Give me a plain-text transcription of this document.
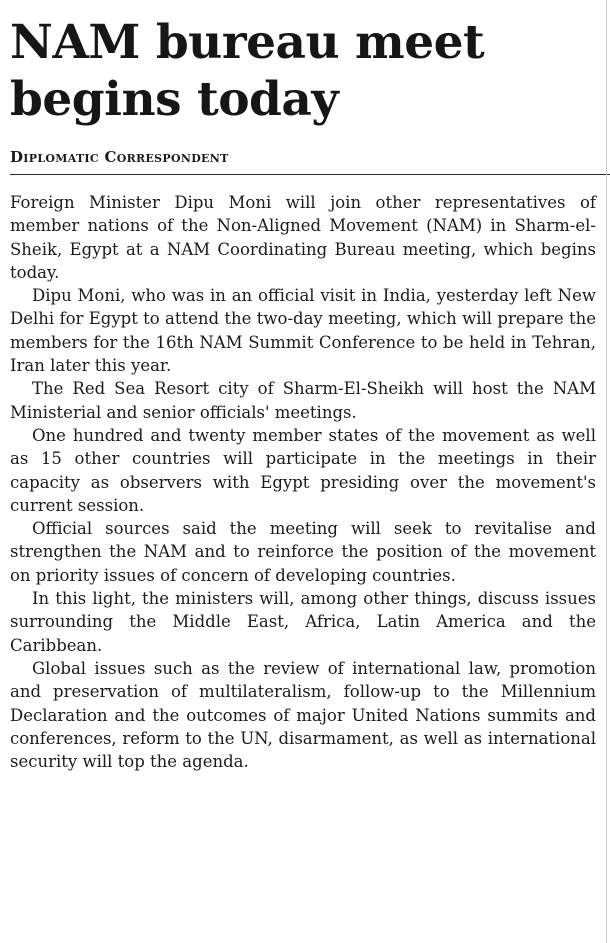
NAM bureau meet begins today
Diplomatic Correspondent

Foreign Minister Dipu Moni will join other representatives of member nations of the Non-Aligned Movement (NAM) in Sharm-el-Sheik, Egypt at a NAM Coordinating Bureau meeting, which begins today.

Dipu Moni, who was in an official visit in India, yesterday left New Delhi for Egypt to attend the two-day meeting, which will prepare the members for the 16th NAM Summit Conference to be held in Tehran, Iran later this year.

The Red Sea Resort city of Sharm-El-Sheikh will host the NAM Ministerial and senior officials' meetings.

One hundred and twenty member states of the movement as well as 15 other countries will participate in the meetings in their capacity as observers with Egypt presiding over the movement's current session.

Official sources said the meeting will seek to revitalise and strengthen the NAM and to reinforce the position of the movement on priority issues of concern of developing countries.

In this light, the ministers will, among other things, discuss issues surrounding the Middle East, Africa, Latin America and the Caribbean.

Global issues such as the review of international law, promotion and preservation of multilateralism, follow-up to the Millennium Declaration and the outcomes of major United Nations summits and conferences, reform to the UN, disarmament, as well as international security will top the agenda.
